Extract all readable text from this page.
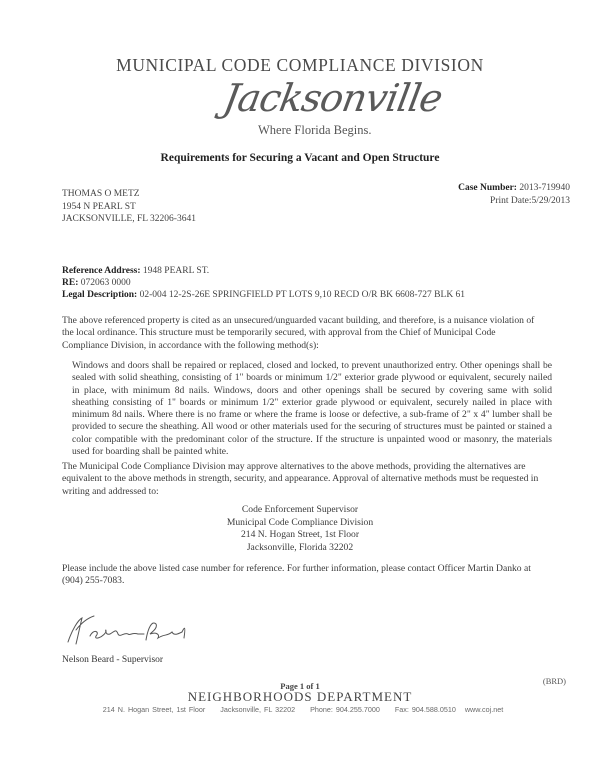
MUNICIPAL CODE COMPLIANCE DIVISION
Jacksonville
Where Florida Begins.
Requirements for Securing a Vacant and Open Structure
THOMAS O METZ
1954 N PEARL ST
JACKSONVILLE, FL 32206-3641
Case Number: 2013-719940
Print Date:5/29/2013
Reference Address: 1948 PEARL ST.
RE: 072063 0000
Legal Description: 02-004 12-2S-26E SPRINGFIELD PT LOTS 9,10 RECD O/R BK 6608-727 BLK 61
The above referenced property is cited as an unsecured/unguarded vacant building, and therefore, is a nuisance violation of the local ordinance. This structure must be temporarily secured, with approval from the Chief of Municipal Code Compliance Division, in accordance with the following method(s):
Windows and doors shall be repaired or replaced, closed and locked, to prevent unauthorized entry. Other openings shall be sealed with solid sheathing, consisting of 1" boards or minimum 1/2" exterior grade plywood or equivalent, securely nailed in place, with minimum 8d nails. Windows, doors and other openings shall be secured by covering same with solid sheathing consisting of 1" boards or minimum 1/2" exterior grade plywood or equivalent, securely nailed in place with minimum 8d nails. Where there is no frame or where the frame is loose or defective, a sub-frame of 2" x 4" lumber shall be provided to secure the sheathing. All wood or other materials used for the securing of structures must be painted or stained a color compatible with the predominant color of the structure. If the structure is unpainted wood or masonry, the materials used for boarding shall be painted white.
The Municipal Code Compliance Division may approve alternatives to the above methods, providing the alternatives are equivalent to the above methods in strength, security, and appearance. Approval of alternative methods must be requested in writing and addressed to:
Code Enforcement Supervisor
Municipal Code Compliance Division
214 N. Hogan Street, 1st Floor
Jacksonville, Florida 32202
Please include the above listed case number for reference. For further information, please contact Officer Martin Danko at (904) 255-7083.
Nelson Beard - Supervisor
Page 1 of 1	(BRD)
NEIGHBORHOODS DEPARTMENT
214 N. Hogan Street, 1st Floor Jacksonville, FL 32202 Phone: 904.255.7000 Fax: 904.588.0510 www.coj.net
